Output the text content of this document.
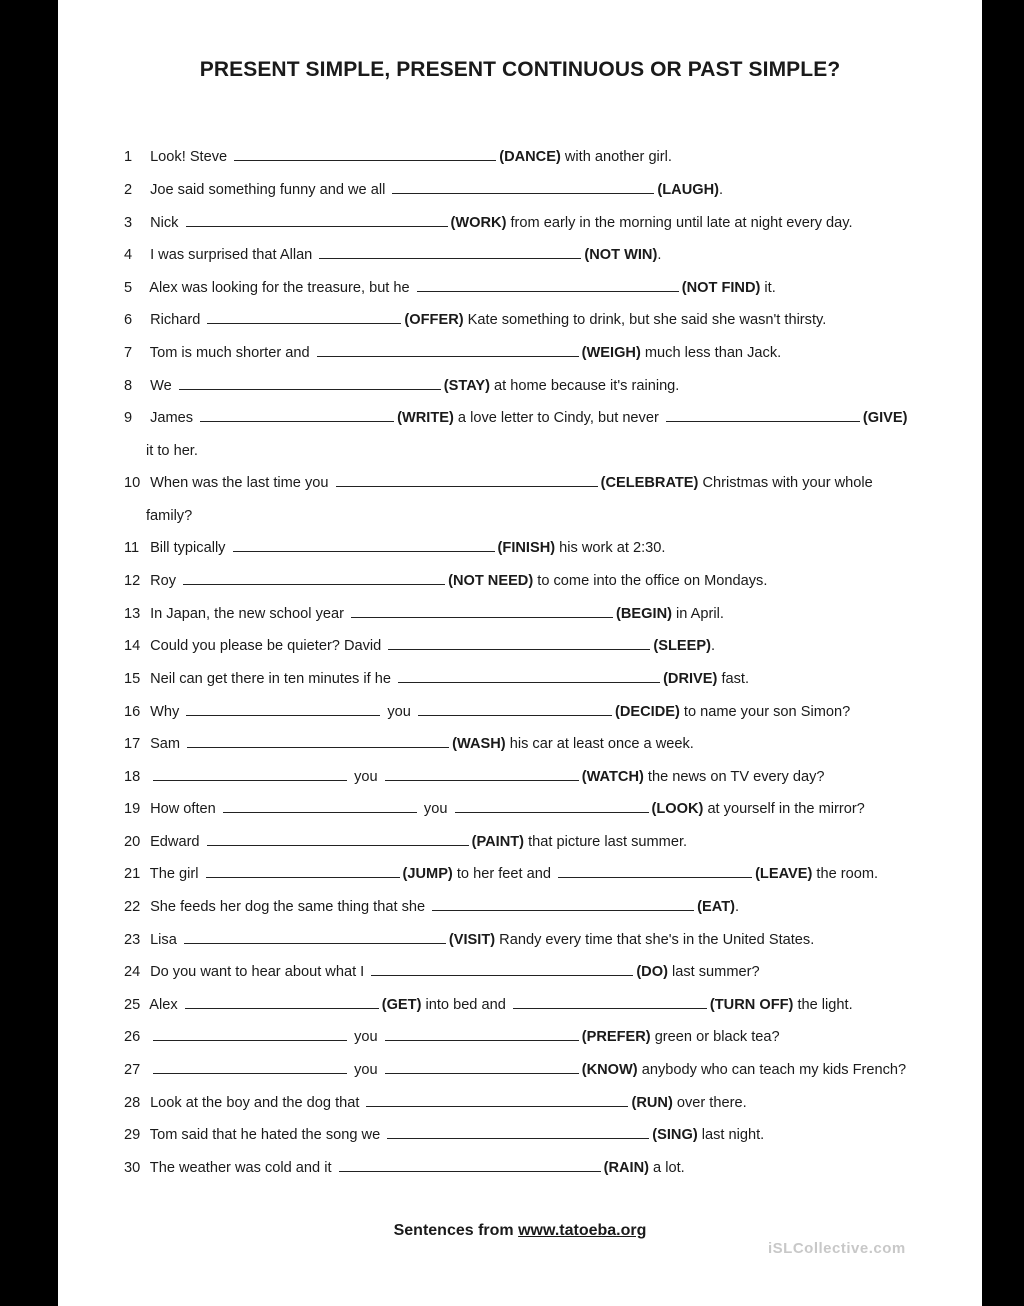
PRESENT SIMPLE, PRESENT CONTINUOUS OR PAST SIMPLE?
1 Look! Steve	(DANCE) with another girl.
2 Joe said something funny and we all	(LAUGH).
3 Nick	(WORK) from early in the morning until late at night every day.
4 I was surprised that Allan	(NOT WIN).
5 Alex was looking for the treasure, but he	(NOT FIND) it.
6 Richard	(OFFER) Kate something to drink, but she said she wasn't thirsty.
7 Tom is much shorter and	(WEIGH) much less than Jack.
8 We	(STAY) at home because it's raining.
9 James	(WRITE) a love letter to Cindy, but never	(GIVE)
it to her.
10 When was the last time you	(CELEBRATE) Christmas with your whole
family?
11 Bill typically	(FINISH) his work at 2:30.
12 Roy	(NOT NEED) to come into the office on Mondays.
13 In Japan, the new school year	(BEGIN) in April.
14 Could you please be quieter? David	(SLEEP).
15 Neil can get there in ten minutes if he	(DRIVE) fast.
16 Why	you	(DECIDE) to name your son Simon?
17 Sam	(WASH) his car at least once a week.
18	you	(WATCH) the news on TV every day?
19 How often	you	(LOOK) at yourself in the mirror?
20 Edward	(PAINT) that picture last summer.
21 The girl	(JUMP) to her feet and	(LEAVE) the room.
22 She feeds her dog the same thing that she	(EAT).
23 Lisa	(VISIT) Randy every time that she's in the United States.
24 Do you want to hear about what I	(DO) last summer?
25 Alex	(GET) into bed and	(TURN OFF) the light.
26	you	(PREFER) green or black tea?
27	you	(KNOW) anybody who can teach my kids French?
28 Look at the boy and the dog that	(RUN) over there.
29 Tom said that he hated the song we	(SING) last night.
30 The weather was cold and it	(RAIN) a lot.
Sentences from www.tatoeba.org
iSLCollective.com
